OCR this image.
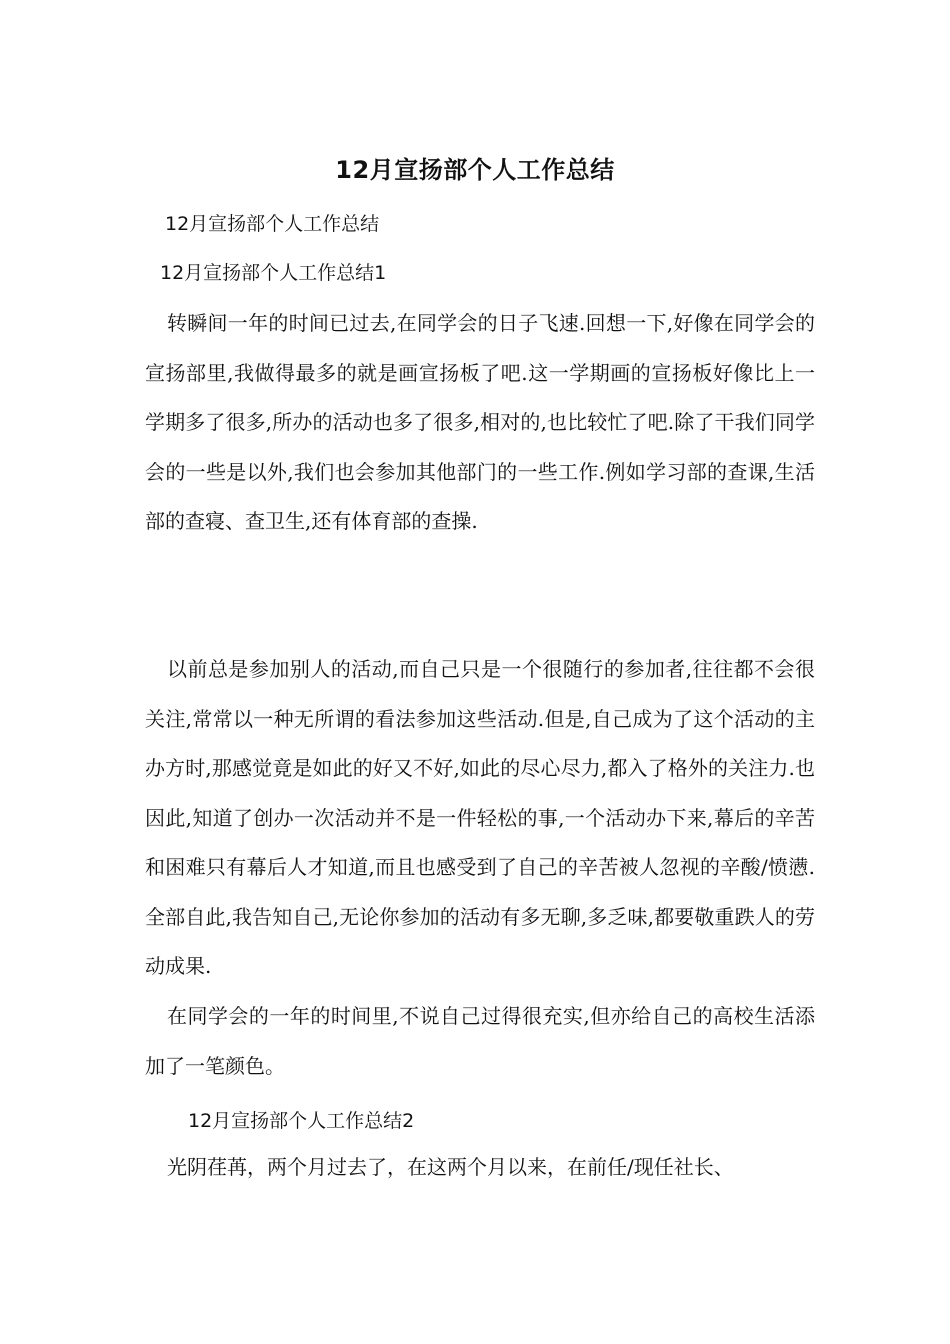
12月宣扬部个人工作总结
12月宣扬部个人工作总结
12月宣扬部个人工作总结1
转瞬间一年的时间已过去,在同学会的日子飞速.回想一下,好像在同学会的宣扬部里,我做得最多的就是画宣扬板了吧.这一学期画的宣扬板好像比上一学期多了很多,所办的活动也多了很多,相对的,也比较忙了吧.除了干我们同学会的一些是以外,我们也会参加其他部门的一些工作.例如学习部的查课,生活部的查寝、查卫生,还有体育部的查操.
以前总是参加别人的活动,而自己只是一个很随行的参加者,往往都不会很关注,常常以一种无所谓的看法参加这些活动.但是,自己成为了这个活动的主办方时,那感觉竟是如此的好又不好,如此的尽心尽力,都入了格外的关注力.也因此,知道了创办一次活动并不是一件轻松的事,一个活动办下来,幕后的辛苦和困难只有幕后人才知道,而且也感受到了自己的辛苦被人忽视的辛酸/愤懑.全部自此,我告知自己,无论你参加的活动有多无聊,多乏味,都要敬重跌人的劳动成果.
在同学会的一年的时间里,不说自己过得很充实,但亦给自己的高校生活添加了一笔颜色。
12月宣扬部个人工作总结2
光阴荏苒，两个月过去了，在这两个月以来，在前任/现任社长、
